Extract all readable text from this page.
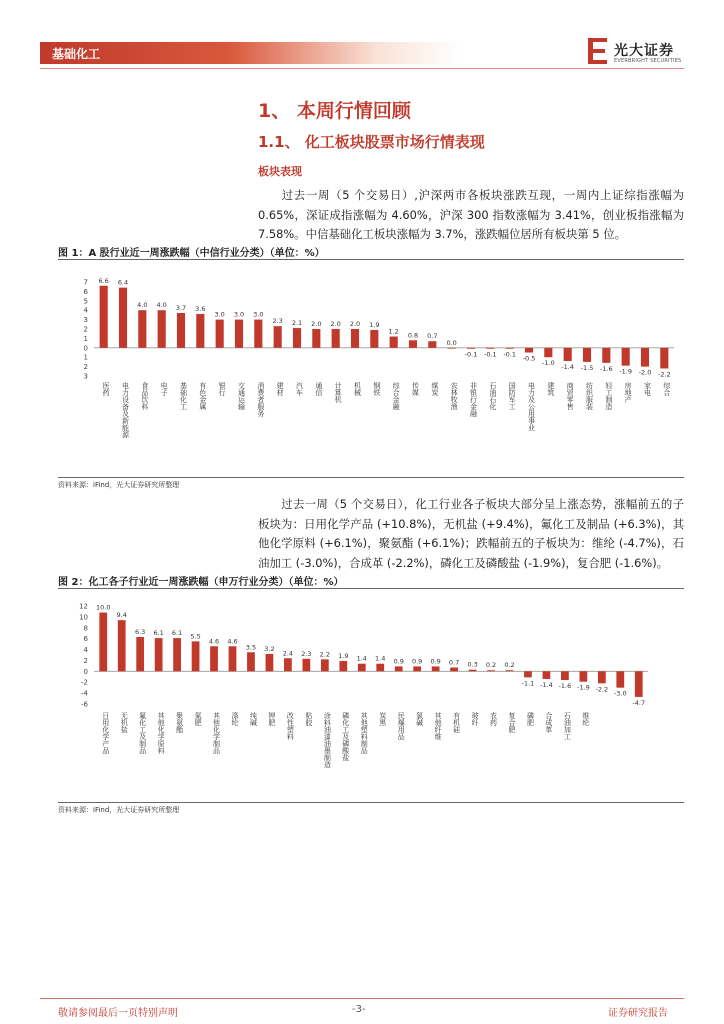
基础化工	光大证券
EVERBRIGHT SECURITIES
1、 本周行情回顾
1.1、 化工板块股票市场行情表现
板块表现
过去一周（5 个交易日）,沪深两市各板块涨跌互现，一周内上证综指涨幅为 0.65%，深证成指涨幅为 4.60%，沪深 300 指数涨幅为 3.41%，创业板指涨幅为 7.58%。中信基础化工板块涨幅为 3.7%，涨跌幅位居所有板块第 5 位。
图 1：A 股行业近一周涨跌幅（中信行业分类）（单位：%）
7
6
5
4
3
2
1
0
1
2
3
6.6
医药
6.4
电力设备及新能源
4.0
食品饮料
4.0
电子
3.7
基础化工
3.6
有色金属
3.0
银行
3.0
交通运输
3.0
消费者服务
2.3
建材
2.1
汽车
2.0
通信
2.0
计算机
2.0
机械
1.9
钢铁
1.2
综合金融
0.8
传媒
0.7
煤炭
0.0
农林牧渔
-0.1
非银行金融
-0.1
石油石化
-0.1
国防军工
-0.5
电力及公用事业
-1.0
建筑
-1.4
商贸零售
-1.5
纺织服装
-1.6
轻工制造
-1.9
房地产
-2.0
家电
-2.2
综合
资料来源：iFind，光大证券研究所整理
过去一周（5 个交易日），化工行业各子板块大部分呈上涨态势，涨幅前五的子板块为：日用化学产品 (+10.8%)，无机盐 (+9.4%)，氟化工及制品 (+6.3%)，其他化学原料 (+6.1%)，聚氨酯 (+6.1%)；跌幅前五的子板块为：维纶 (-4.7%)，石油加工 (-3.0%)，合成革 (-2.2%)，磷化工及磷酸盐 (-1.9%)，复合肥 (-1.6%)。
图 2：化工各子行业近一周涨跌幅（申万行业分类）（单位：%）
12
10
8
6
4
2
0
-2
-4
-6
10.0
日用化学产品
9.4
无机盐
6.3
氟化工及制品
6.1
其他化学原料
6.1
聚氨酯
5.5
氮肥
4.6
其他化学制品
4.6
涤纶
3.5
纯碱
3.2
钾肥
2.4
改性塑料
2.3
粘胶
2.2
涂料油漆油墨制造
1.9
磷化工及磷酸盐
1.4
其他塑料制品
1.4
炭黑
0.9
民爆用品
0.9
氯碱
0.9
其他纤维
0.7
有机硅
0.3
玻纤
0.2
农药
0.2
复合肥
-1.1
磷肥
-1.4
合成革
-1.6
石油加工
-1.9
维纶
-2.2
-3.0
-4.7
资料来源：iFind，光大证券研究所整理
敬请参阅最后一页特别声明	-3-	证券研究报告
